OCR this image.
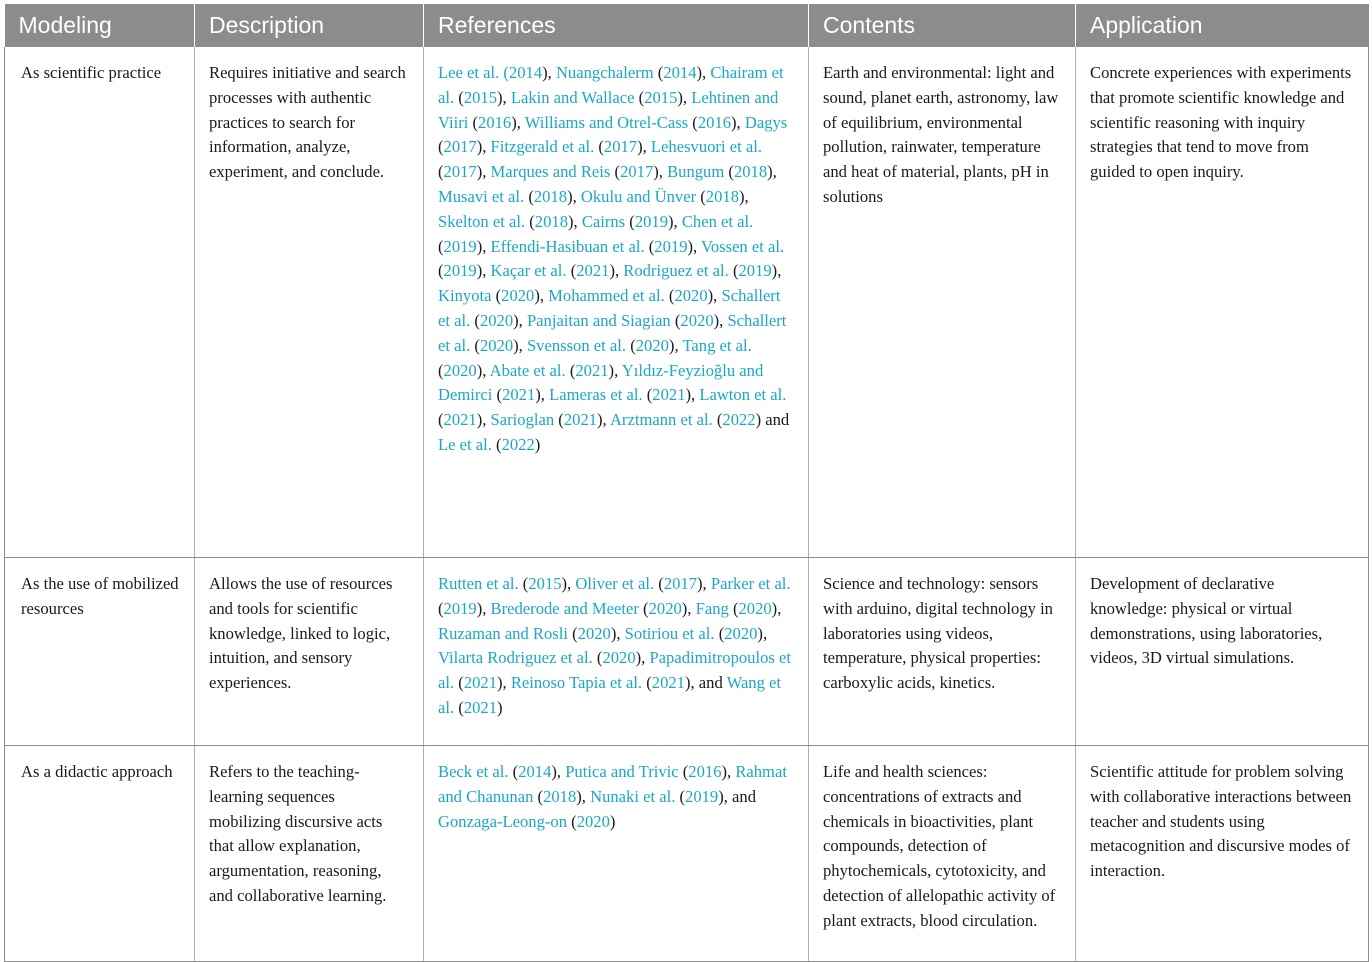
Modeling	Description	References	Contents	Application
As scientific practice	Requires initiative and search processes with authentic practices to search for information, analyze, experiment, and conclude.	Lee et al. (2014), Nuangchalerm (2014), Chairam et al. (2015), Lakin and Wallace (2015), Lehtinen and Viiri (2016), Williams and Otrel-Cass (2016), Dagys (2017), Fitzgerald et al. (2017), Lehesvuori et al. (2017), Marques and Reis (2017), Bungum (2018), Musavi et al. (2018), Okulu and Ünver (2018), Skelton et al. (2018), Cairns (2019), Chen et al. (2019), Effendi-Hasibuan et al. (2019), Vossen et al. (2019), Kaçar et al. (2021), Rodriguez et al. (2019), Kinyota (2020), Mohammed et al. (2020), Schallert et al. (2020), Panjaitan and Siagian (2020), Schallert et al. (2020), Svensson et al. (2020), Tang et al. (2020), Abate et al. (2021), Yıldız-Feyzioğlu and Demirci (2021), Lameras et al. (2021), Lawton et al. (2021), Sarioglan (2021), Arztmann et al. (2022) and Le et al. (2022)	Earth and environmental: light and sound, planet earth, astronomy, law of equilibrium, environmental pollution, rainwater, temperature and heat of material, plants, pH in solutions	Concrete experiences with experiments that promote scientific knowledge and scientific reasoning with inquiry strategies that tend to move from guided to open inquiry.
As the use of mobilized resources	Allows the use of resources and tools for scientific knowledge, linked to logic, intuition, and sensory experiences.	Rutten et al. (2015), Oliver et al. (2017), Parker et al. (2019), Brederode and Meeter (2020), Fang (2020), Ruzaman and Rosli (2020), Sotiriou et al. (2020), Vilarta Rodriguez et al. (2020), Papadimitropoulos et al. (2021), Reinoso Tapia et al. (2021), and Wang et al. (2021)	Science and technology: sensors with arduino, digital technology in laboratories using videos, temperature, physical properties: carboxylic acids, kinetics.	Development of declarative knowledge: physical or virtual demonstrations, using laboratories, videos, 3D virtual simulations.
As a didactic approach	Refers to the teaching-learning sequences mobilizing discursive acts that allow explanation, argumentation, reasoning, and collaborative learning.	Beck et al. (2014), Putica and Trivic (2016), Rahmat and Chanunan (2018), Nunaki et al. (2019), and Gonzaga-Leong-on (2020)	Life and health sciences: concentrations of extracts and chemicals in bioactivities, plant compounds, detection of phytochemicals, cytotoxicity, and detection of allelopathic activity of plant extracts, blood circulation.	Scientific attitude for problem solving with collaborative interactions between teacher and students using metacognition and discursive modes of interaction.
